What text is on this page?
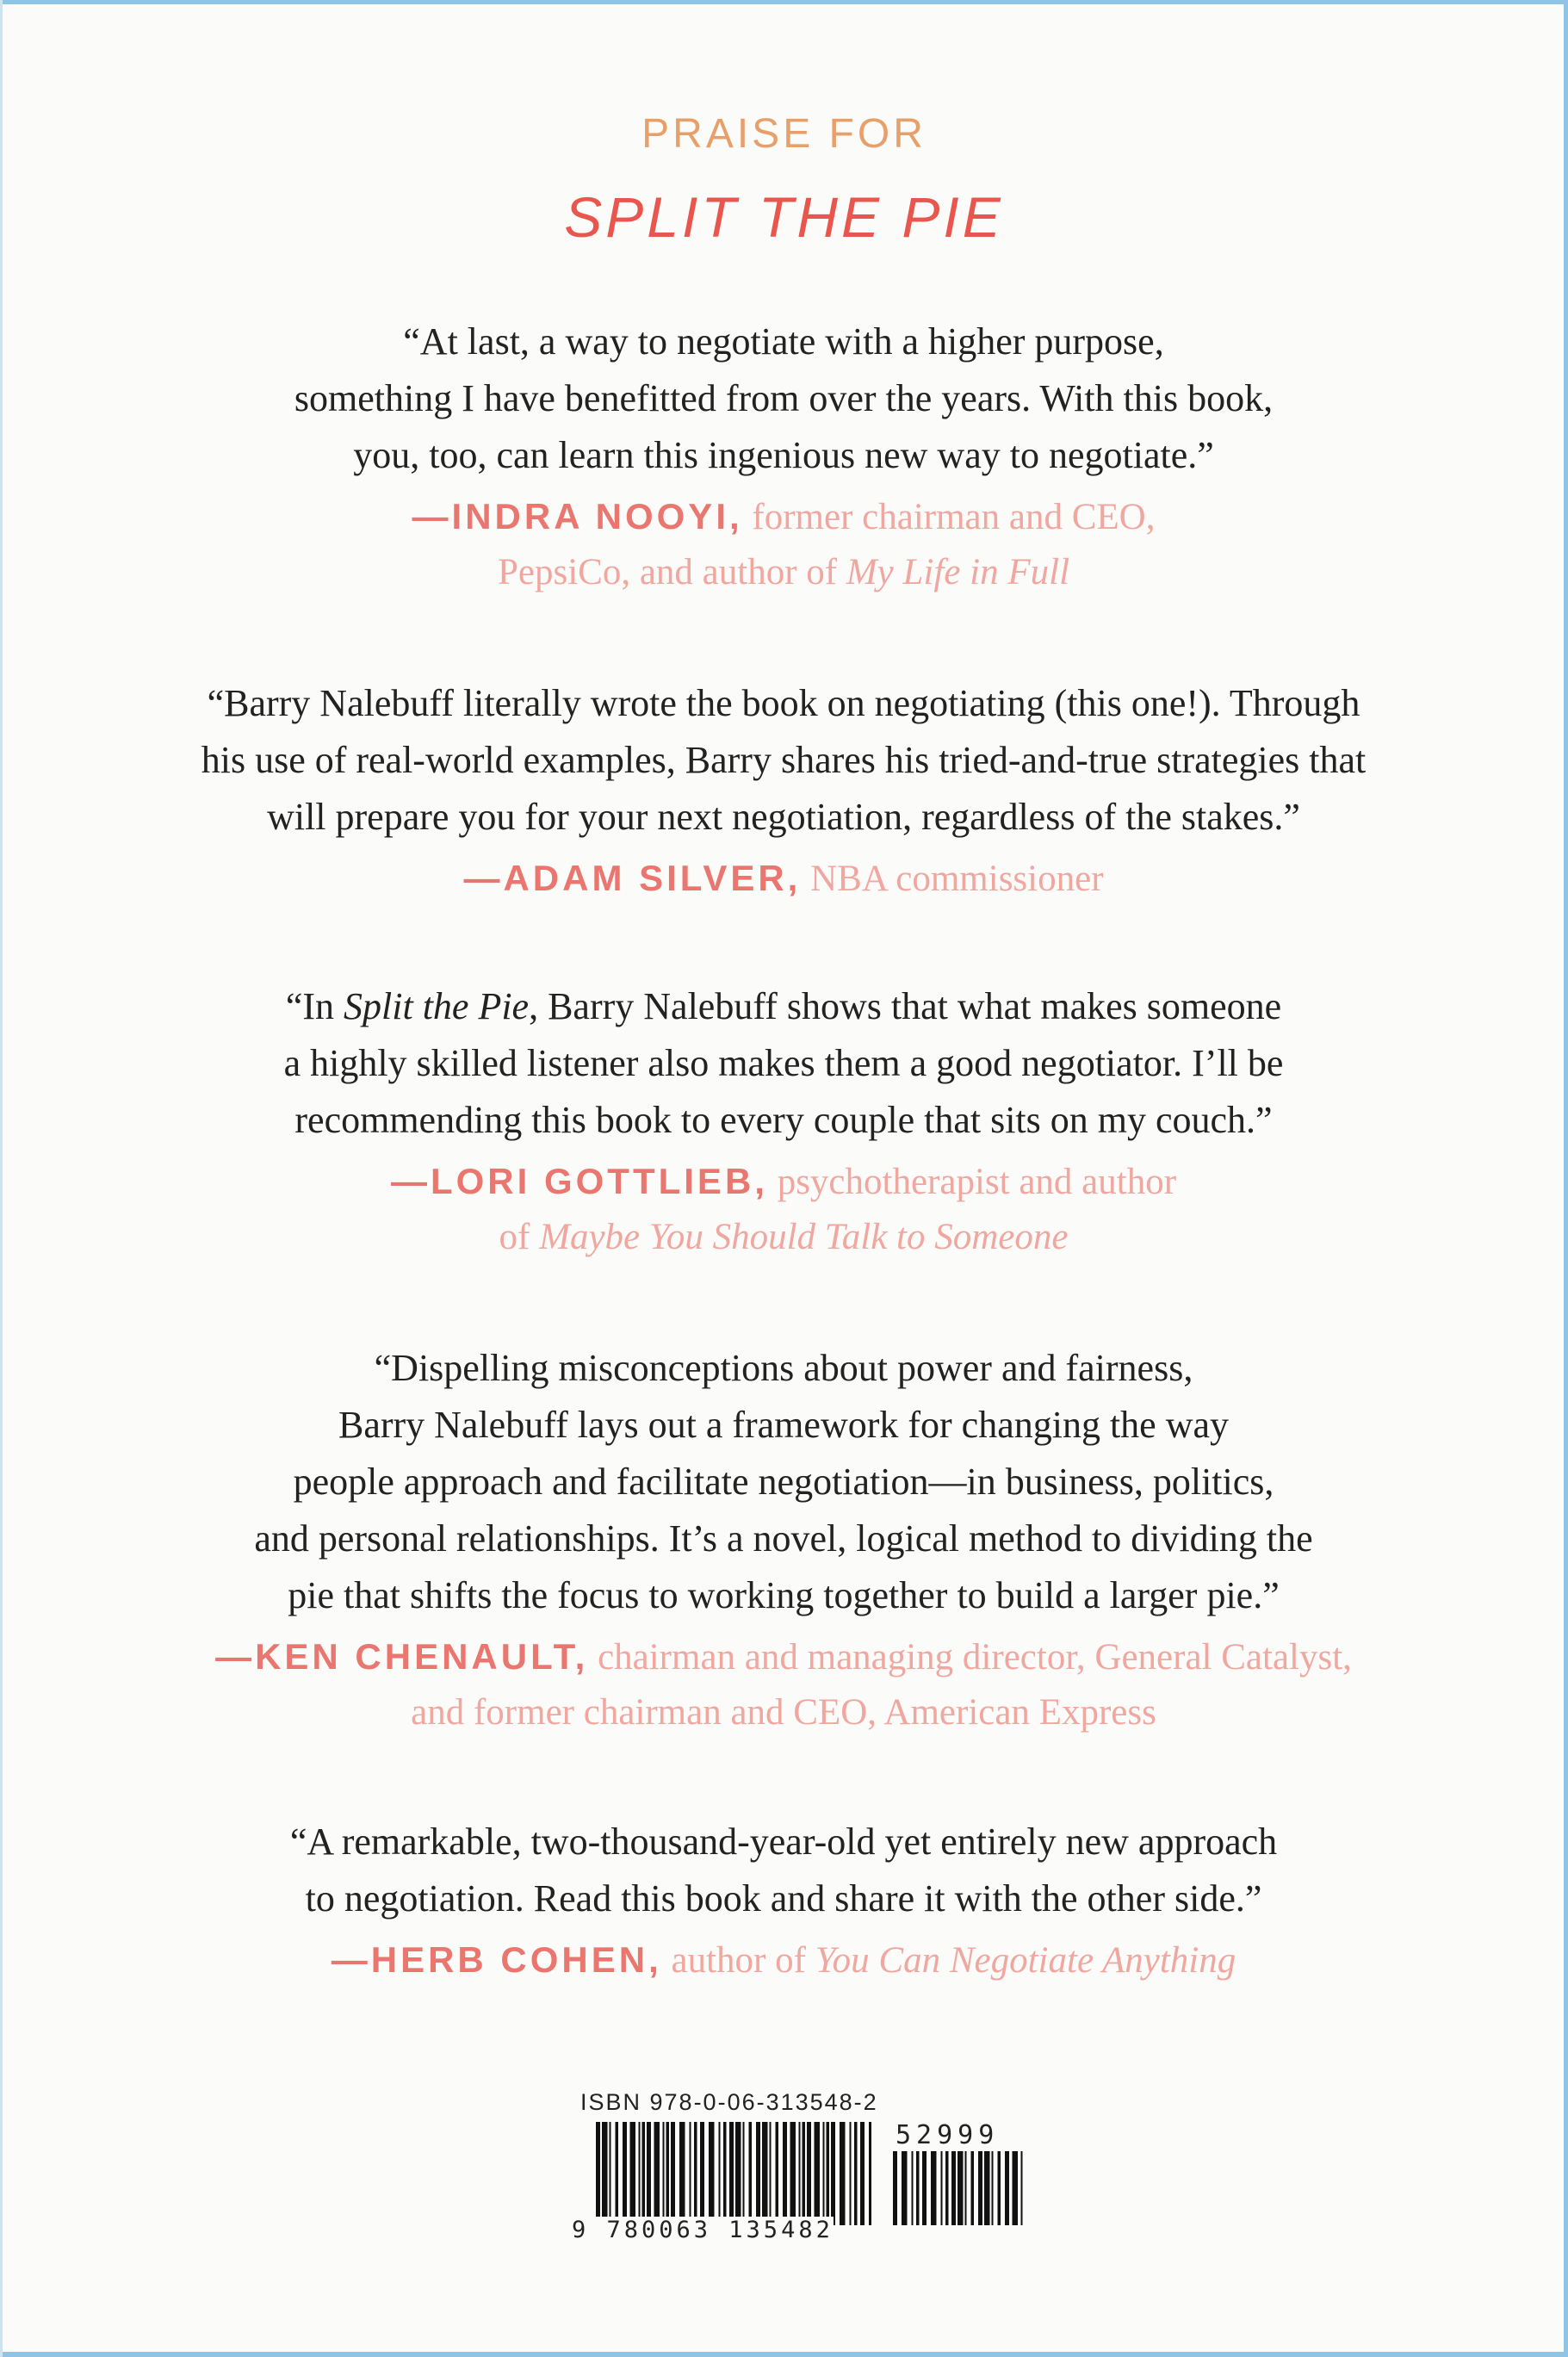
PRAISE FOR
SPLIT THE PIE
“At last, a way to negotiate with a higher purpose,
something I have benefitted from over the years. With this book,
you, too, can learn this ingenious new way to negotiate.”
—INDRA NOOYI, former chairman and CEO,
PepsiCo, and author of My Life in Full
“Barry Nalebuff literally wrote the book on negotiating (this one!). Through
his use of real-world examples, Barry shares his tried-and-true strategies that
will prepare you for your next negotiation, regardless of the stakes.”
—ADAM SILVER, NBA commissioner
“In Split the Pie, Barry Nalebuff shows that what makes someone
a highly skilled listener also makes them a good negotiator. I’ll be
recommending this book to every couple that sits on my couch.”
—LORI GOTTLIEB, psychotherapist and author
of Maybe You Should Talk to Someone
“Dispelling misconceptions about power and fairness,
Barry Nalebuff lays out a framework for changing the way
people approach and facilitate negotiation—in business, politics,
and personal relationships. It’s a novel, logical method to dividing the
pie that shifts the focus to working together to build a larger pie.”
—KEN CHENAULT, chairman and managing director, General Catalyst,
and former chairman and CEO, American Express
“A remarkable, two-thousand-year-old yet entirely new approach
to negotiation. Read this book and share it with the other side.”
—HERB COHEN, author of You Can Negotiate Anything
ISBN 978-0-06-313548-2
52999
9 780063 135482
